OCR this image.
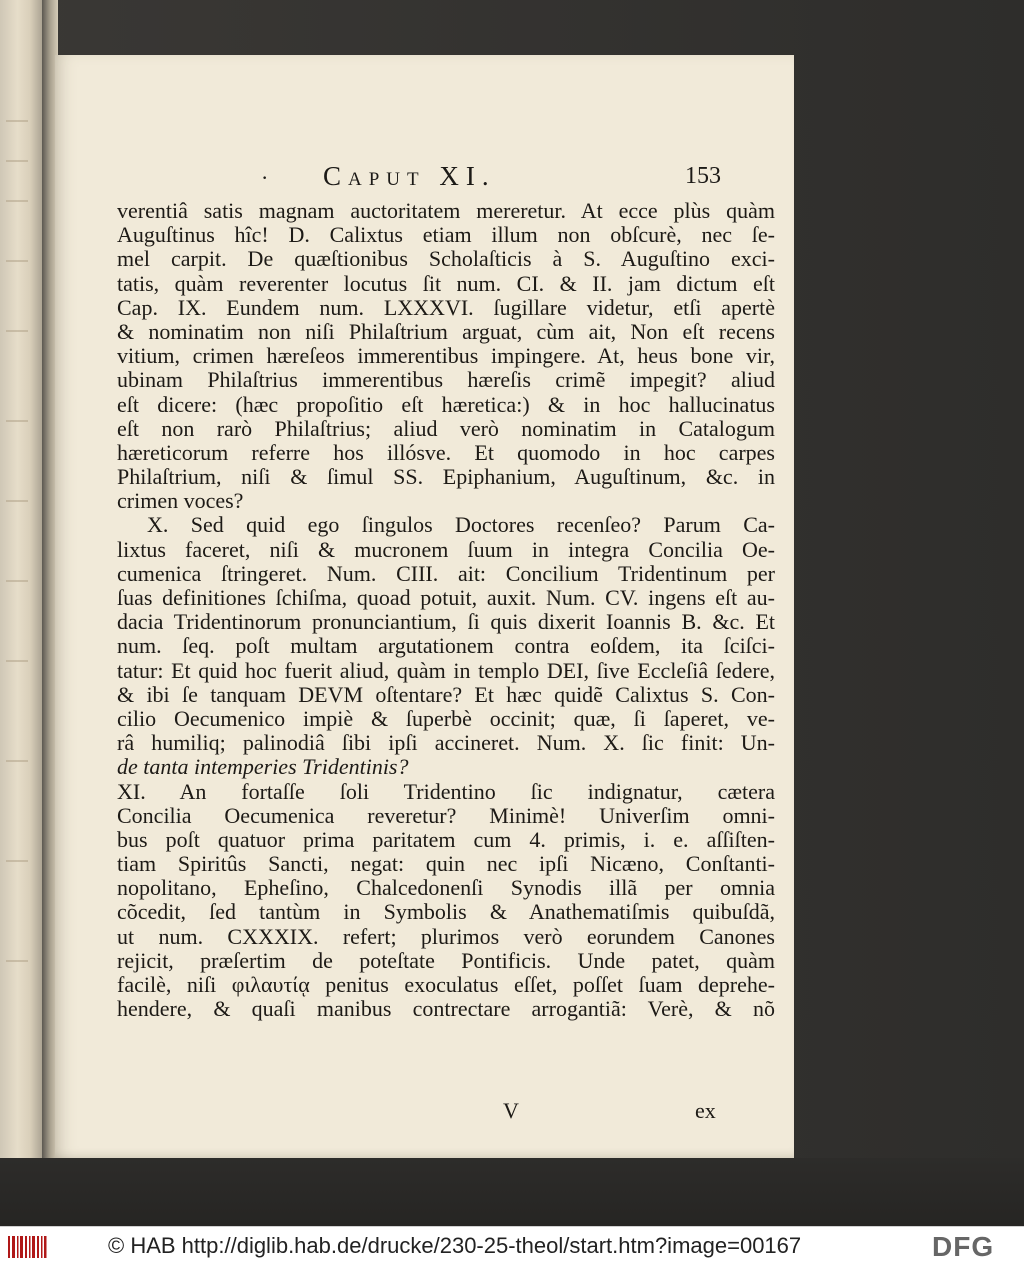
· Caput XI.	153
verentiâ satis magnam auctoritatem mereretur. At ecce plùs quàm
Auguſtinus hîc! D. Calixtus etiam illum non obſcurè, nec ſe-
mel carpit. De quæſtionibus Scholaſticis à S. Auguſtino exci-
tatis, quàm reverenter locutus ſit num. CI. & II. jam dictum eſt
Cap. IX. Eundem num. LXXXVI. ſugillare videtur, etſi apertè
& nominatim non niſi Philaſtrium arguat, cùm ait, Non eſt recens
vitium, crimen hæreſeos immerentibus impingere. At, heus bone vir,
ubinam Philaſtrius immerentibus hæreſis crimẽ impegit? aliud
eſt dicere: (hæc propoſitio eſt hæretica:) & in hoc hallucinatus
eſt non rarò Philaſtrius; aliud verò nominatim in Catalogum
hæreticorum referre hos illósve. Et quomodo in hoc carpes
Philaſtrium, niſi & ſimul SS. Epiphanium, Auguſtinum, &c. in
crimen voces?
X. Sed quid ego ſingulos Doctores recenſeo? Parum Ca-
lixtus faceret, niſi & mucronem ſuum in integra Concilia Oe-
cumenica ſtringeret. Num. CIII. ait: Concilium Tridentinum per
ſuas definitiones ſchiſma, quoad potuit, auxit. Num. CV. ingens eſt au-
dacia Tridentinorum pronunciantium, ſi quis dixerit Ioannis B. &c. Et
num. ſeq. poſt multam argutationem contra eoſdem, ita ſciſci-
tatur: Et quid hoc fuerit aliud, quàm in templo DEI, ſive Eccleſiâ ſedere,
& ibi ſe tanquam DEVM oſtentare? Et hæc quidẽ Calixtus S. Con-
cilio Oecumenico impiè & ſuperbè occinit; quæ, ſi ſaperet, ve-
râ humiliq; palinodiâ ſibi ipſi accineret. Num. X. ſic finit: Un-
de tanta intemperies Tridentinis?
XI. An fortaſſe ſoli Tridentino ſic indignatur, cætera
Concilia Oecumenica reveretur? Minimè! Univerſim omni-
bus poſt quatuor prima paritatem cum 4. primis, i. e. aſſiſten-
tiam Spiritûs Sancti, negat: quin nec ipſi Nicæno, Conſtanti-
nopolitano, Epheſino, Chalcedonenſi Synodis illã per omnia
cõcedit, ſed tantùm in Symbolis & Anathematiſmis quibuſdã,
ut num. CXXXIX. refert; plurimos verò eorundem Canones
rejicit, præſertim de poteſtate Pontificis. Unde patet, quàm
facilè, niſi φιλαυτίᾳ penitus exoculatus eſſet, poſſet ſuam deprehe-
hendere, & quaſi manibus contrectare arrogantiã: Verè, & nõ
V	ex
© HAB http://diglib.hab.de/drucke/230-25-theol/start.htm?image=00167	DFG
